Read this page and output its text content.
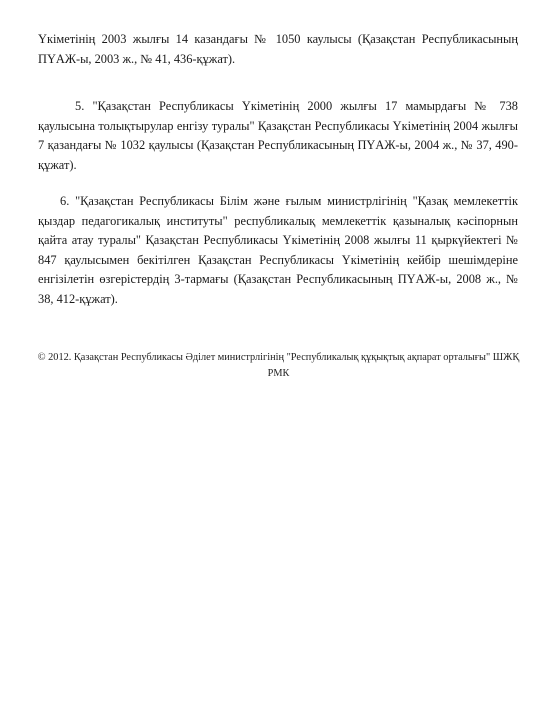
Үкіметінің 2003 жылғы 14 казандағы № 1050 каулысы (Қазақстан Республикасының ПҮАЖ-ы, 2003 ж., № 41, 436-құжат).

5. "Қазақстан Республикасы Үкіметінің 2000 жылғы 17 мамырдағы № 738 қаулысына толықтырулар енгізу туралы" Қазақстан Республикасы Үкіметінің 2004 жылғы 7 қазандағы № 1032 қаулысы (Қазақстан Республикасының ПҮАЖ-ы, 2004 ж., № 37, 490-құжат).

6. "Қазақстан Республикасы Білім және ғылым министрлігінің "Қазақ мемлекеттік қыздар педагогикалық институты" республикалық мемлекеттік қазыналық кәсіпорнын қайта атау туралы" Қазақстан Республикасы Үкіметінің 2008 жылғы 11 қыркүйектегі № 847 қаулысымен бекітілген Қазақстан Республикасы Үкіметінің кейбір шешімдеріне енгізілетін өзгерістердің 3-тармағы (Қазақстан Республикасының ПҮАЖ-ы, 2008 ж., № 38, 412-құжат).

© 2012. Қазақстан Республикасы Әділет министрлігінің "Республикалық құқықтық ақпарат орталығы" ШЖҚ РМК
